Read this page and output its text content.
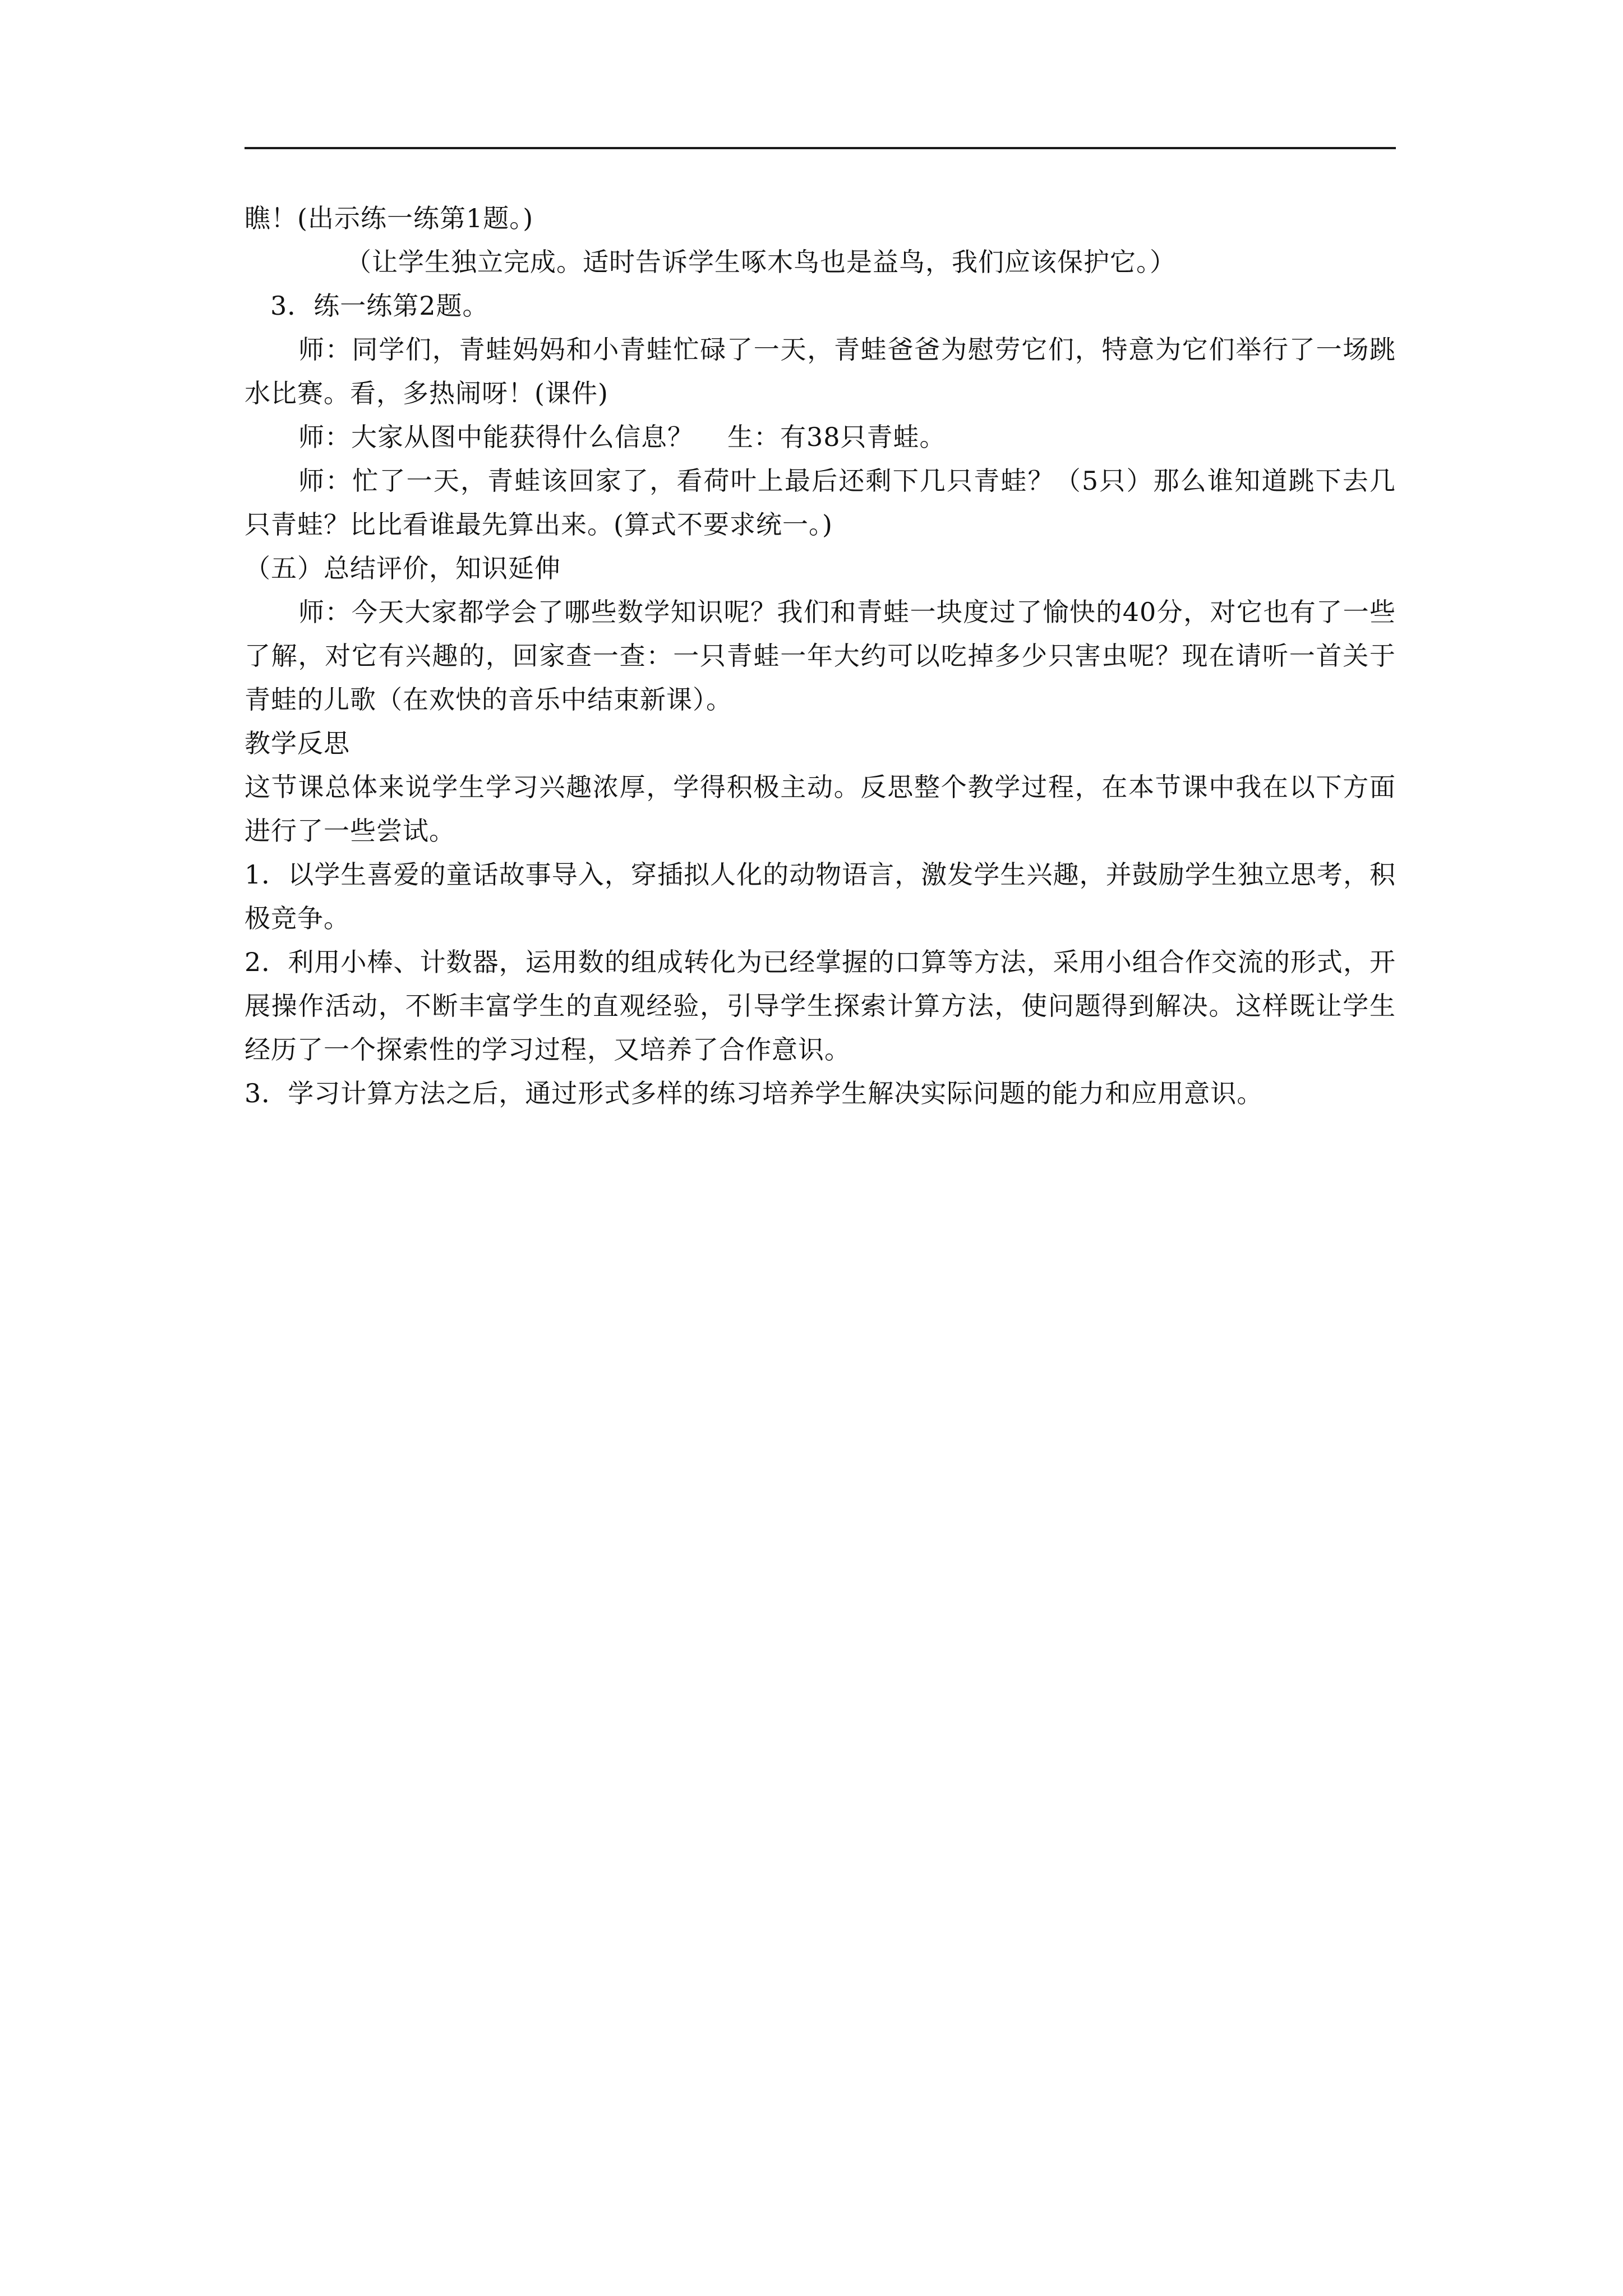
瞧！(出示练一练第1题。)

（让学生独立完成。适时告诉学生啄木鸟也是益鸟，我们应该保护它。）

3．练一练第2题。

师：同学们，青蛙妈妈和小青蛙忙碌了一天，青蛙爸爸为慰劳它们，特意为它们举行了一场跳水比赛。看，多热闹呀！(课件)

师：大家从图中能获得什么信息？ 生：有38只青蛙。

师：忙了一天，青蛙该回家了，看荷叶上最后还剩下几只青蛙？（5只）那么谁知道跳下去几只青蛙？比比看谁最先算出来。(算式不要求统一。)

（五）总结评价，知识延伸

师：今天大家都学会了哪些数学知识呢？我们和青蛙一块度过了愉快的40分，对它也有了一些了解，对它有兴趣的，回家查一查：一只青蛙一年大约可以吃掉多少只害虫呢？现在请听一首关于青蛙的儿歌（在欢快的音乐中结束新课）。

教学反思

这节课总体来说学生学习兴趣浓厚，学得积极主动。反思整个教学过程，在本节课中我在以下方面进行了一些尝试。

1．以学生喜爱的童话故事导入，穿插拟人化的动物语言，激发学生兴趣，并鼓励学生独立思考，积极竞争。

2．利用小棒、计数器，运用数的组成转化为已经掌握的口算等方法，采用小组合作交流的形式，开展操作活动，不断丰富学生的直观经验，引导学生探索计算方法，使问题得到解决。这样既让学生经历了一个探索性的学习过程，又培养了合作意识。

3．学习计算方法之后，通过形式多样的练习培养学生解决实际问题的能力和应用意识。
